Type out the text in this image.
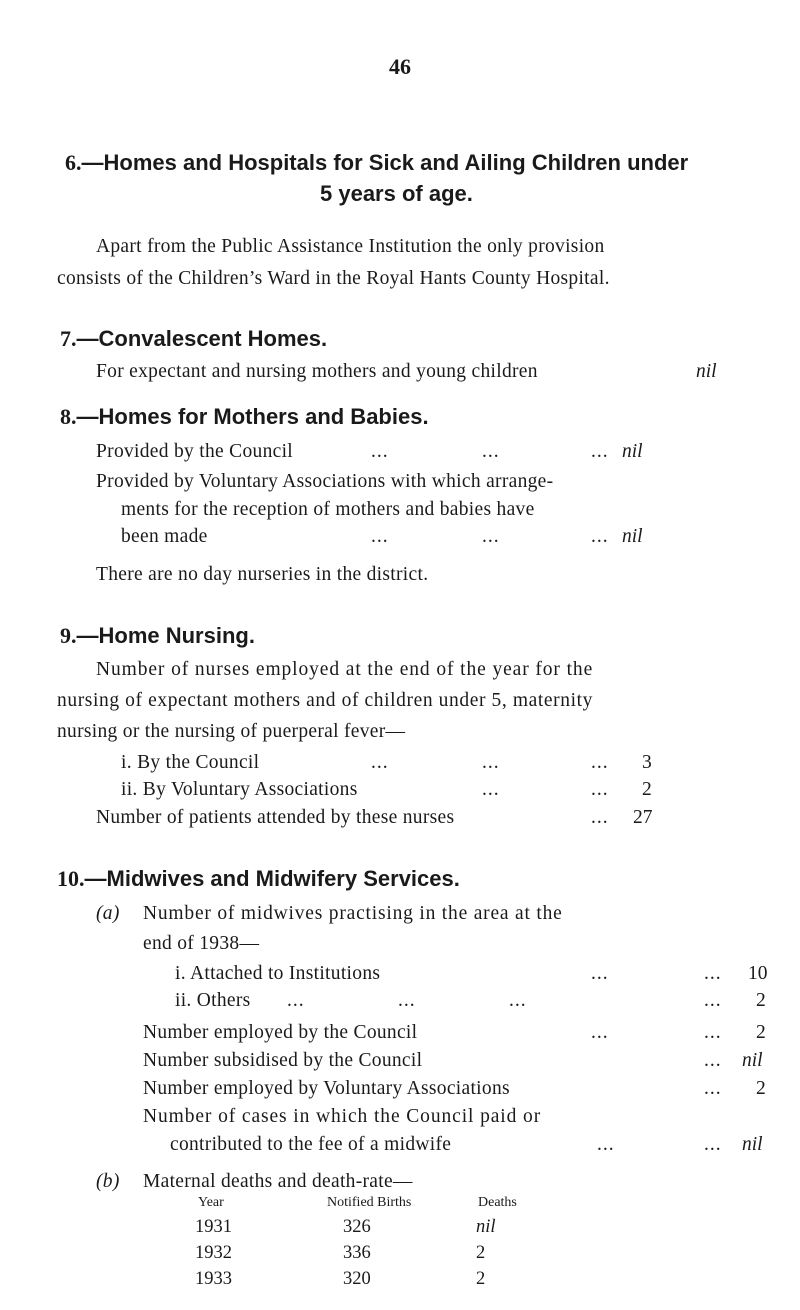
46
6.—Homes and Hospitals for Sick and Ailing Children under
5 years of age.
Apart from the Public Assistance Institution the only provision
consists of the Children’s Ward in the Royal Hants County Hospital.
7.—Convalescent Homes.
For expectant and nursing mothers and young children	nil
8.—Homes for Mothers and Babies.
Provided by the Council	...	...	... nil
Provided by Voluntary Associations with which arrange-
ments for the reception of mothers and babies have
been made	...	...	... nil
There are no day nurseries in the district.
9.—Home Nursing.
Number of nurses employed at the end of the year for the
nursing of expectant mothers and of children under 5, maternity
nursing or the nursing of puerperal fever—
i. By the Council	...	...	... 3
ii. By Voluntary Associations	...	... 2
Number of patients attended by these nurses	... 27
10.—Midwives and Midwifery Services.
(a) Number of midwives practising in the area at the
end of 1938—
i. Attached to Institutions	...	... 10
ii. Others ...	...	...	... 2
Number employed by the Council	...	... 2
Number subsidised by the Council	... nil
Number employed by Voluntary Associations	... 2
Number of cases in which the Council paid or
contributed to the fee of a midwife	...	... nil
(b) Maternal deaths and death-rate—
Year	Notified Births	Deaths
1931	326	nil
1932	336	2
1933	320	2
